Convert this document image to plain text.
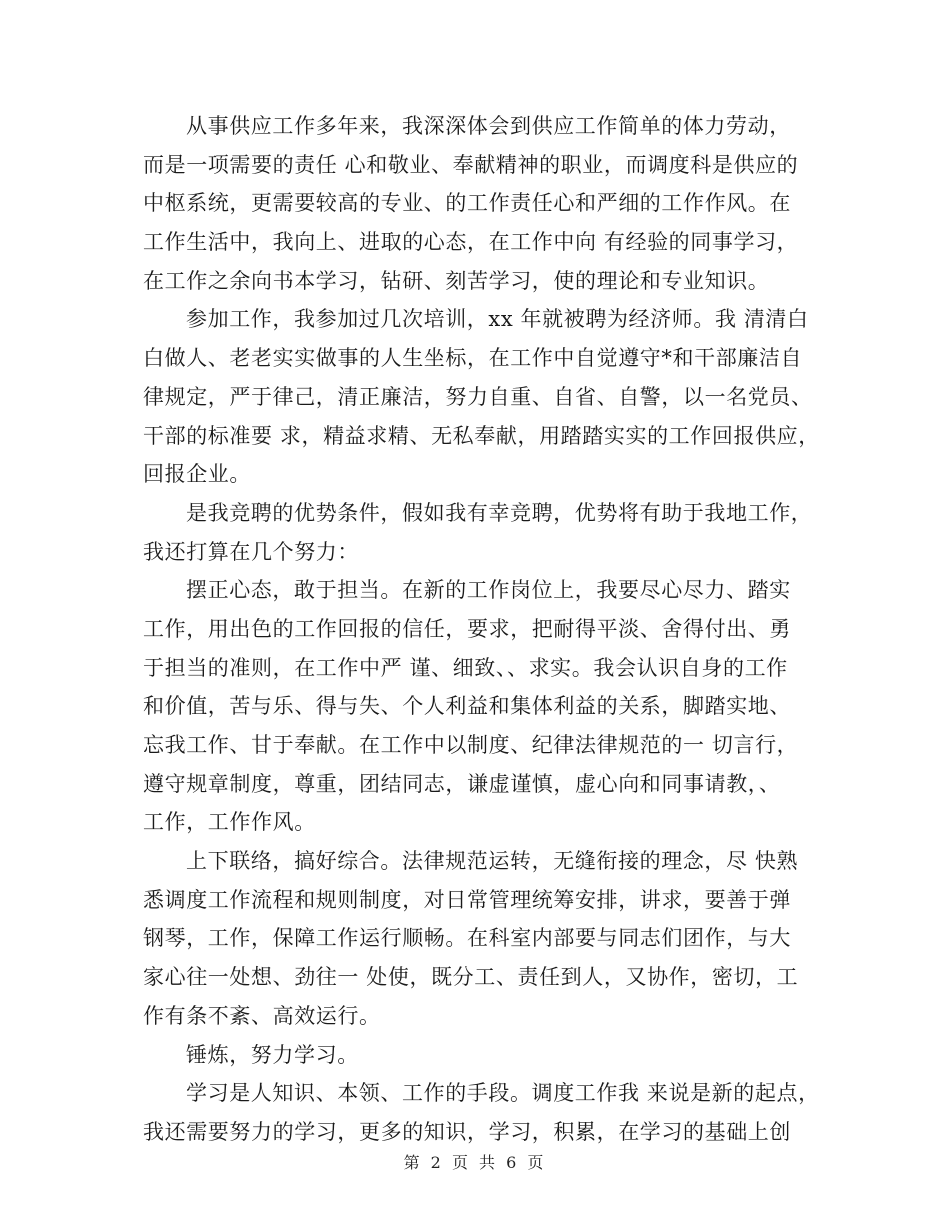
从事供应工作多年来，我深深体会到供应工作简单的体力劳动，
而是一项需要的责任 心和敬业、奉献精神的职业，而调度科是供应的
中枢系统，更需要较高的专业、的工作责任心和严细的工作作风。在
工作生活中，我向上、进取的心态，在工作中向 有经验的同事学习，
在工作之余向书本学习，钻研、刻苦学习，使的理论和专业知识。
参加工作，我参加过几次培训，xx 年就被聘为经济师。我 清清白
白做人、老老实实做事的人生坐标，在工作中自觉遵守*和干部廉洁自
律规定，严于律己，清正廉洁，努力自重、自省、自警，以一名党员、
干部的标准要 求，精益求精、无私奉献，用踏踏实实的工作回报供应，
回报企业。
是我竞聘的优势条件，假如我有幸竞聘，优势将有助于我地工作，
我还打算在几个努力：
摆正心态，敢于担当。在新的工作岗位上，我要尽心尽力、踏实
工作，用出色的工作回报的信任，要求，把耐得平淡、舍得付出、勇
于担当的准则，在工作中严 谨、细致、、求实。我会认识自身的工作
和价值，苦与乐、得与失、个人利益和集体利益的关系，脚踏实地、
忘我工作、甘于奉献。在工作中以制度、纪律法律规范的一 切言行，
遵守规章制度，尊重，团结同志，谦虚谨慎，虚心向和同事请教，、
工作，工作作风。
上下联络，搞好综合。法律规范运转，无缝衔接的理念，尽 快熟
悉调度工作流程和规则制度，对日常管理统筹安排，讲求，要善于弹
钢琴，工作，保障工作运行顺畅。在科室内部要与同志们团作，与大
家心往一处想、劲往一 处使，既分工、责任到人，又协作，密切，工
作有条不紊、高效运行。
锤炼，努力学习。
学习是人知识、本领、工作的手段。调度工作我 来说是新的起点，
我还需要努力的学习，更多的知识，学习，积累，在学习的基础上创
第 2 页 共 6 页
